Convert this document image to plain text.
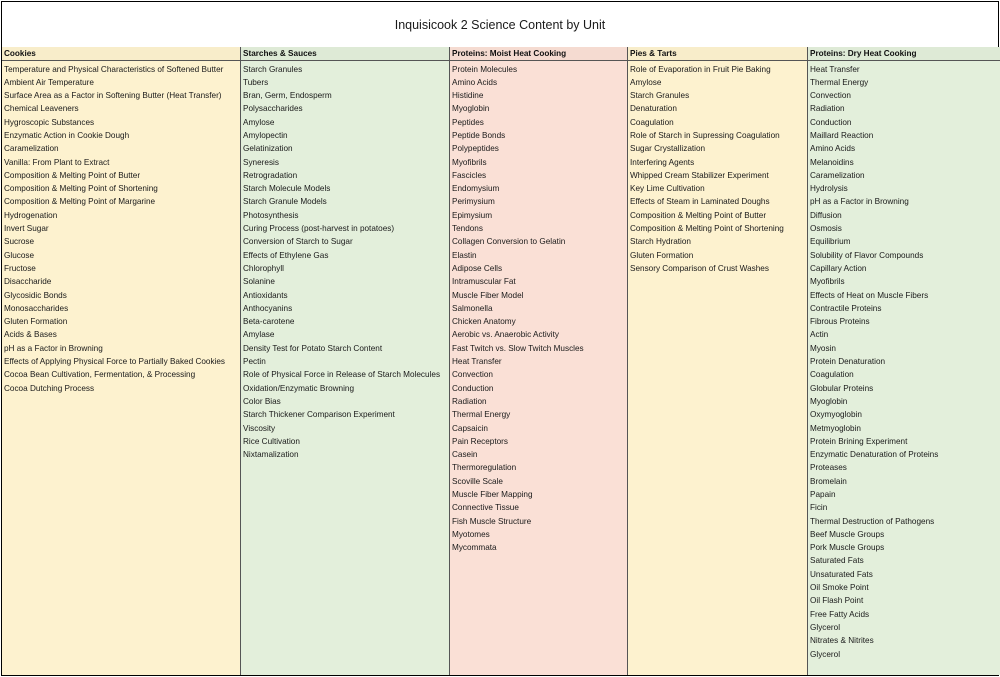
Inquisicook 2 Science Content by Unit
Cookies
Temperature and Physical Characteristics of Softened Butter
Ambient Air Temperature
Surface Area as a Factor in Softening Butter (Heat Transfer)
Chemical Leaveners
Hygroscopic Substances
Enzymatic Action in Cookie Dough
Caramelization
Vanilla: From Plant to Extract
Composition & Melting Point of Butter
Composition & Melting Point of Shortening
Composition & Melting Point of Margarine
Hydrogenation
Invert Sugar
Sucrose
Glucose
Fructose
Disaccharide
Glycosidic Bonds
Monosaccharides
Gluten Formation
Acids & Bases
pH as a Factor in Browning
Effects of Applying Physical Force to Partially Baked Cookies
Cocoa Bean Cultivation, Fermentation, & Processing
Cocoa Dutching Process
Starches & Sauces
Starch Granules
Tubers
Bran, Germ, Endosperm
Polysaccharides
Amylose
Amylopectin
Gelatinization
Syneresis
Retrogradation
Starch Molecule Models
Starch Granule Models
Photosynthesis
Curing Process (post-harvest in potatoes)
Conversion of Starch to Sugar
Effects of Ethylene Gas
Chlorophyll
Solanine
Antioxidants
Anthocyanins
Beta-carotene
Amylase
Density Test for Potato Starch Content
Pectin
Role of Physical Force in Release of Starch Molecules
Oxidation/Enzymatic Browning
Color Bias
Starch Thickener Comparison Experiment
Viscosity
Rice Cultivation
Nixtamalization
Proteins: Moist Heat Cooking
Protein Molecules
Amino Acids
Histidine
Myoglobin
Peptides
Peptide Bonds
Polypeptides
Myofibrils
Fascicles
Endomysium
Perimysium
Epimysium
Tendons
Collagen Conversion to Gelatin
Elastin
Adipose Cells
Intramuscular Fat
Muscle Fiber Model
Salmonella
Chicken Anatomy
Aerobic vs. Anaerobic Activity
Fast Twitch vs. Slow Twitch Muscles
Heat Transfer
Convection
Conduction
Radiation
Thermal Energy
Capsaicin
Pain Receptors
Casein
Thermoregulation
Scoville Scale
Muscle Fiber Mapping
Connective Tissue
Fish Muscle Structure
Myotomes
Mycommata
Pies & Tarts
Role of Evaporation in Fruit Pie Baking
Amylose
Starch Granules
Denaturation
Coagulation
Role of Starch in Supressing Coagulation
Sugar Crystallization
Interfering Agents
Whipped Cream Stabilizer Experiment
Key Lime Cultivation
Effects of Steam in Laminated Doughs
Composition & Melting Point of Butter
Composition & Melting Point of Shortening
Starch Hydration
Gluten Formation
Sensory Comparison of Crust Washes
Proteins: Dry Heat Cooking
Heat Transfer
Thermal Energy
Convection
Radiation
Conduction
Maillard Reaction
Amino Acids
Melanoidins
Caramelization
Hydrolysis
pH as a Factor in Browning
Diffusion
Osmosis
Equilibrium
Solubility of Flavor Compounds
Capillary Action
Myofibrils
Effects of Heat on Muscle Fibers
Contractile Proteins
Fibrous Proteins
Actin
Myosin
Protein Denaturation
Coagulation
Globular Proteins
Myoglobin
Oxymyoglobin
Metmyoglobin
Protein Brining Experiment
Enzymatic Denaturation of Proteins
Proteases
Bromelain
Papain
Ficin
Thermal Destruction of Pathogens
Beef Muscle Groups
Pork Muscle Groups
Saturated Fats
Unsaturated Fats
Oil Smoke Point
Oil Flash Point
Free Fatty Acids
Glycerol
Nitrates & Nitrites
Glycerol
